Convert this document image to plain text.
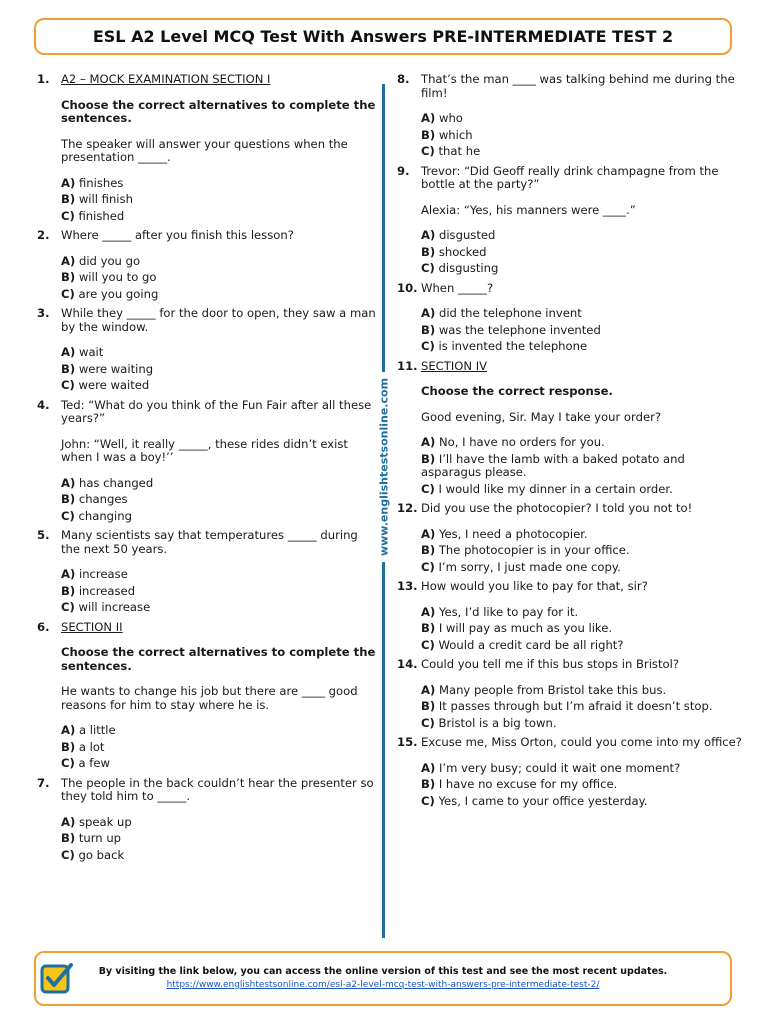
ESL A2 Level MCQ Test With Answers PRE-INTERMEDIATE TEST 2
1. A2 – MOCK EXAMINATION SECTION I

Choose the correct alternatives to complete the sentences.

The speaker will answer your questions when the presentation _____.

A) finishes
B) will finish
C) finished
2. Where _____ after you finish this lesson?

A) did you go
B) will you to go
C) are you going
3. While they _____ for the door to open, they saw a man by the window.

A) wait
B) were waiting
C) were waited
4. Ted: “What do you think of the Fun Fair after all these years?”

John: “Well, it really _____, these rides didn’t exist when I was a boy!’’

A) has changed
B) changes
C) changing
5. Many scientists say that temperatures _____ during the next 50 years.

A) increase
B) increased
C) will increase
6. SECTION II

Choose the correct alternatives to complete the sentences.

He wants to change his job but there are ____ good reasons for him to stay where he is.

A) a little
B) a lot
C) a few
7. The people in the back couldn’t hear the presenter so they told him to _____.

A) speak up
B) turn up
C) go back
www.englishtestsonline.com
8. That’s the man ____ was talking behind me during the film!

A) who
B) which
C) that he
9. Trevor: “Did Geoff really drink champagne from the bottle at the party?”

Alexia: “Yes, his manners were ____.”

A) disgusted
B) shocked
C) disgusting
10. When _____?

A) did the telephone invent
B) was the telephone invented
C) is invented the telephone
11. SECTION IV

Choose the correct response.

Good evening, Sir. May I take your order?

A) No, I have no orders for you.
B) I’ll have the lamb with a baked potato and asparagus please.
C) I would like my dinner in a certain order.
12. Did you use the photocopier? I told you not to!

A) Yes, I need a photocopier.
B) The photocopier is in your office.
C) I’m sorry, I just made one copy.
13. How would you like to pay for that, sir?

A) Yes, I’d like to pay for it.
B) I will pay as much as you like.
C) Would a credit card be all right?
14. Could you tell me if this bus stops in Bristol?

A) Many people from Bristol take this bus.
B) It passes through but I’m afraid it doesn’t stop.
C) Bristol is a big town.
15. Excuse me, Miss Orton, could you come into my office?

A) I’m very busy; could it wait one moment?
B) I have no excuse for my office.
C) Yes, I came to your office yesterday.
By visiting the link below, you can access the online version of this test and see the most recent updates.
https://www.englishtestsonline.com/esl-a2-level-mcq-test-with-answers-pre-intermediate-test-2/
